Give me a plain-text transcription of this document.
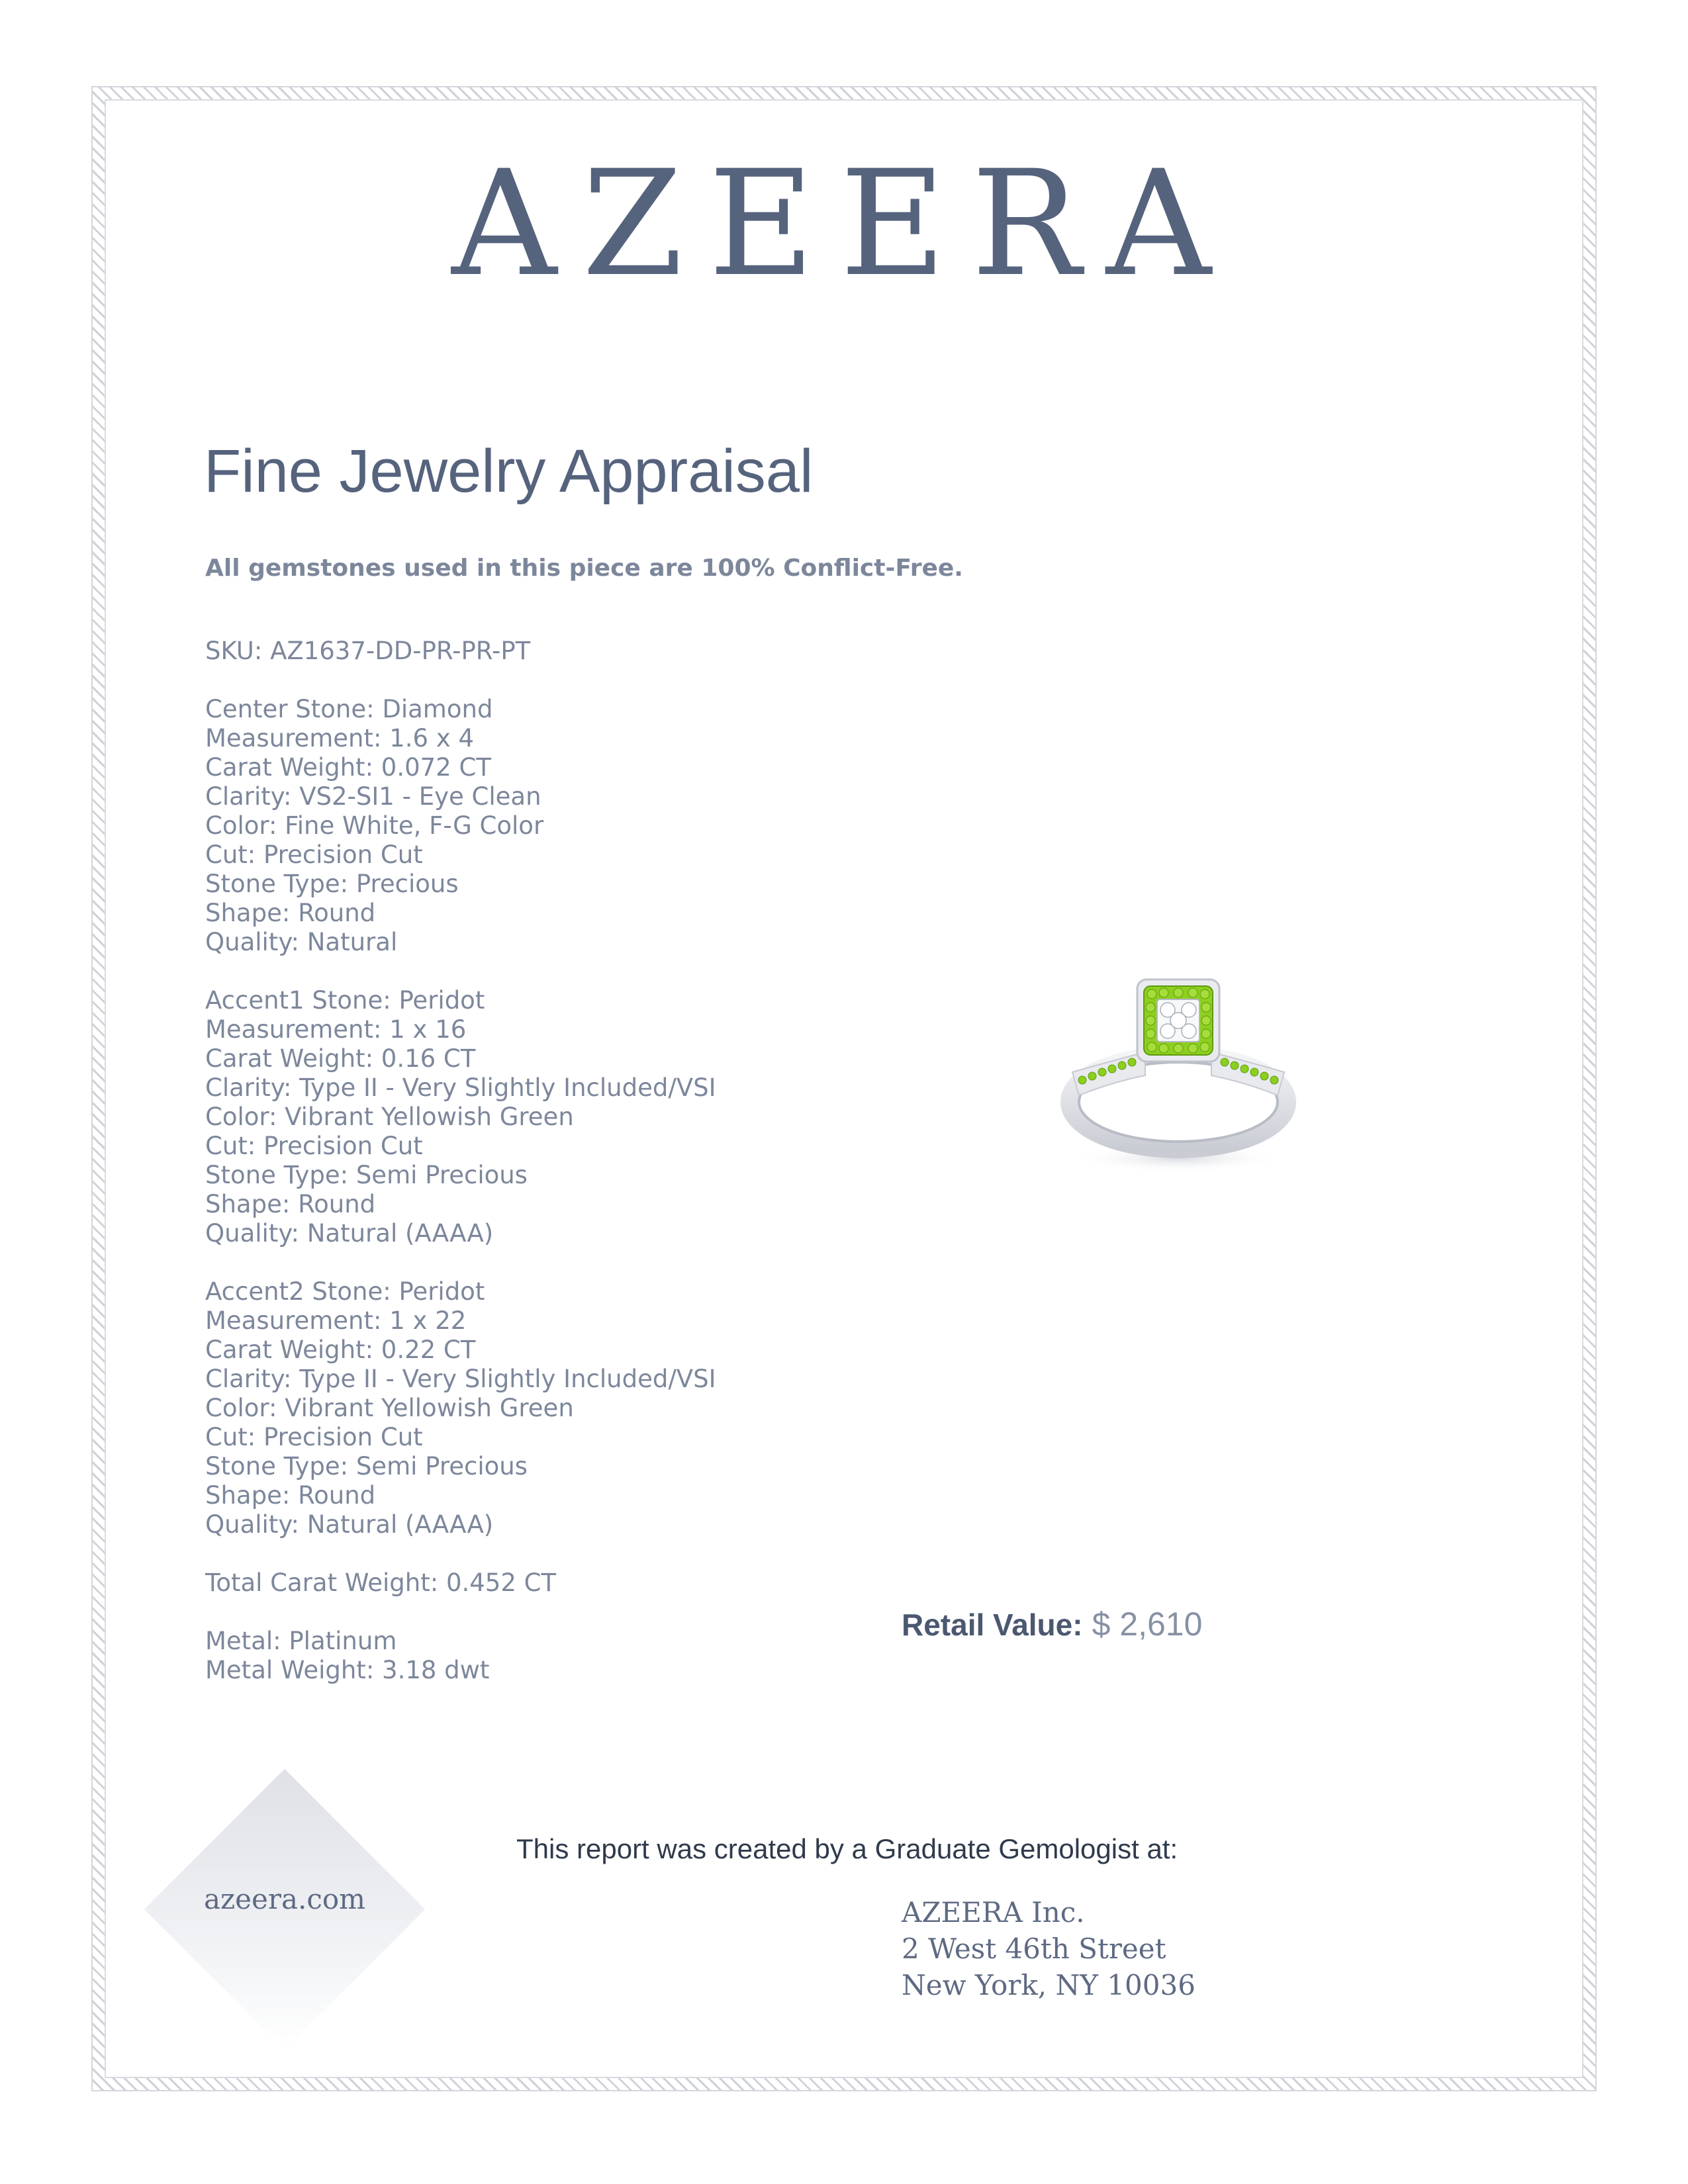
AZEERA
Fine Jewelry Appraisal
All gemstones used in this piece are 100% Conflict-Free.
SKU: AZ1637-DD-PR-PR-PT
Center Stone: Diamond
Measurement: 1.6 x 4
Carat Weight: 0.072 CT
Clarity: VS2-SI1 - Eye Clean
Color: Fine White, F-G Color
Cut: Precision Cut
Stone Type: Precious
Shape: Round
Quality: Natural
Accent1 Stone: Peridot
Measurement: 1 x 16
Carat Weight: 0.16 CT
Clarity: Type II - Very Slightly Included/VSI
Color: Vibrant Yellowish Green
Cut: Precision Cut
Stone Type: Semi Precious
Shape: Round
Quality: Natural (AAAA)
Accent2 Stone: Peridot
Measurement: 1 x 22
Carat Weight: 0.22 CT
Clarity: Type II - Very Slightly Included/VSI
Color: Vibrant Yellowish Green
Cut: Precision Cut
Stone Type: Semi Precious
Shape: Round
Quality: Natural (AAAA)
Total Carat Weight: 0.452 CT
Metal: Platinum
Metal Weight: 3.18 dwt
Retail Value: $ 2,610
azeera.com
This report was created by a Graduate Gemologist at:
AZEERA Inc.
2 West 46th Street
New York, NY 10036
